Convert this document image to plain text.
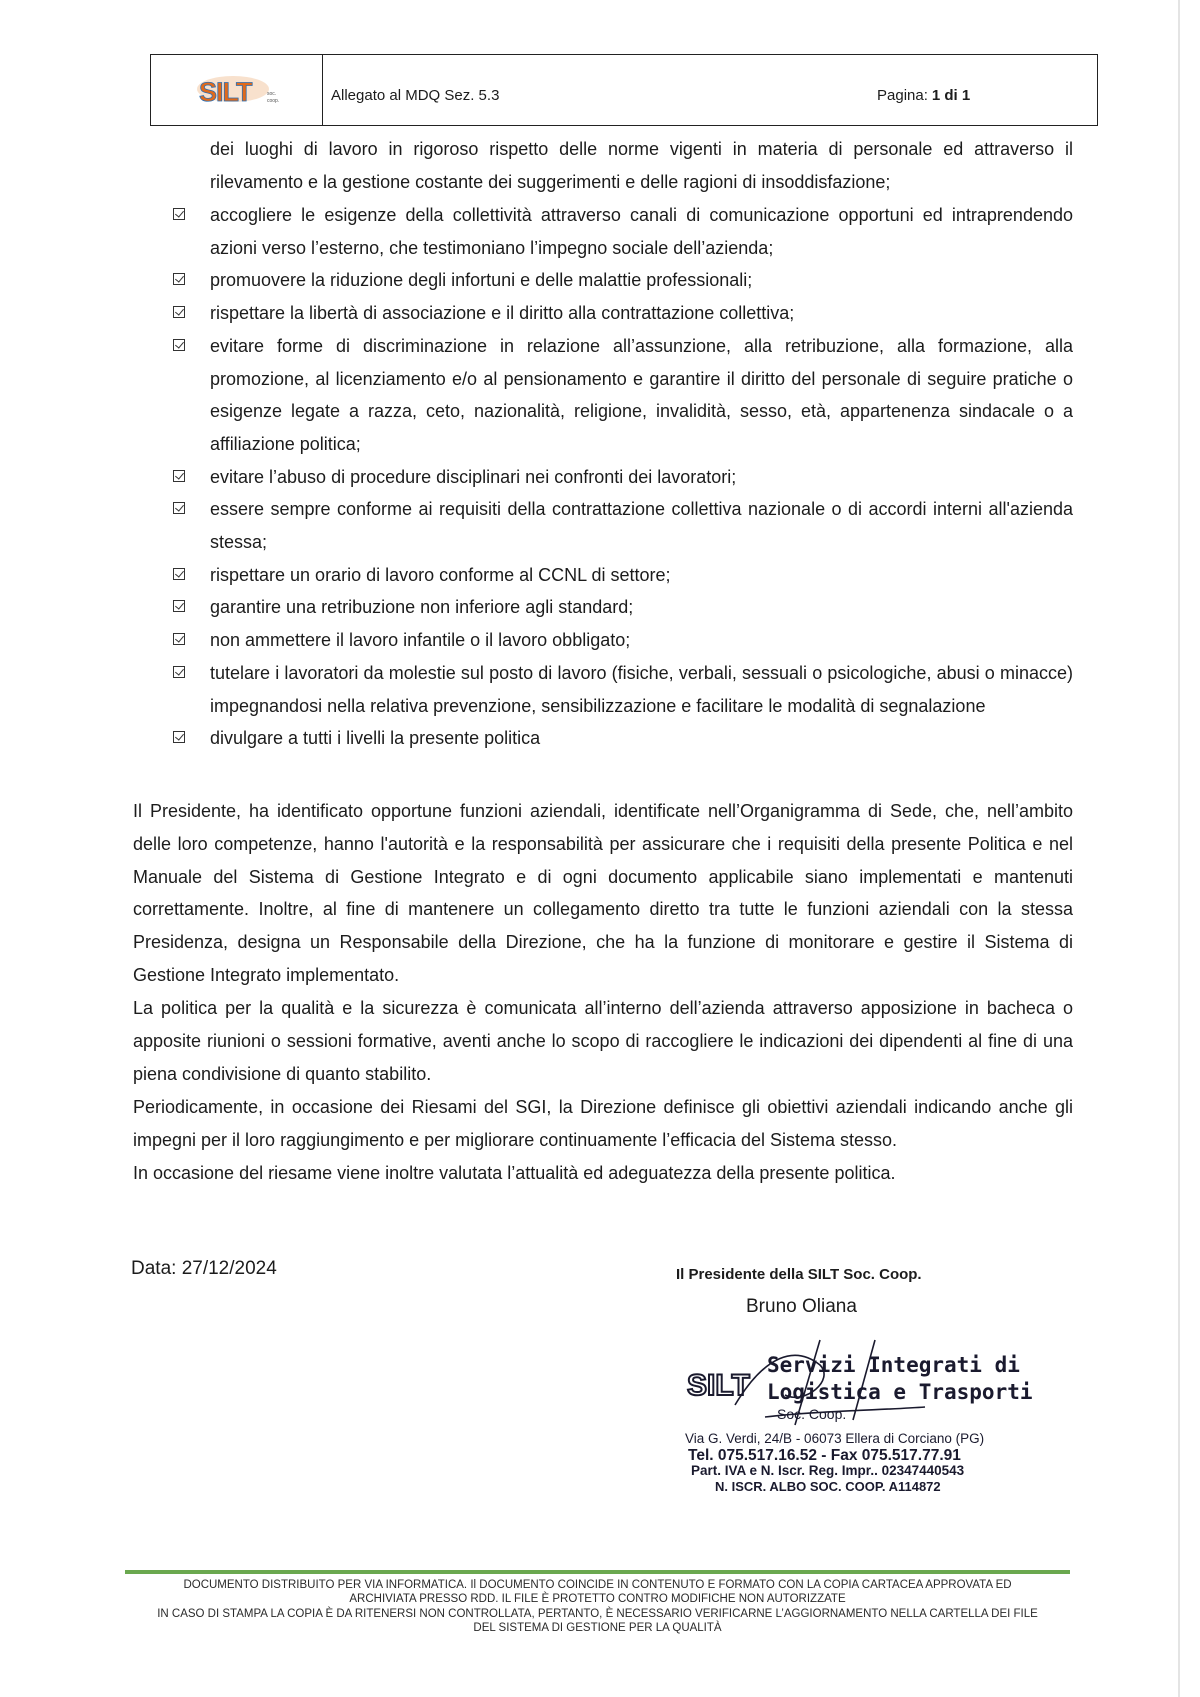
SILT	soc.
coop.	Allegato al MDQ Sez. 5.3	Pagina: 1 di 1
dei luoghi di lavoro in rigoroso rispetto delle norme vigenti in materia di personale ed attraverso il
rilevamento e la gestione costante dei suggerimenti e delle ragioni di insoddisfazione;
accogliere le esigenze della collettività attraverso canali di comunicazione opportuni ed intraprendendo azioni verso l’esterno, che testimoniano l’impegno sociale dell’azienda;
promuovere la riduzione degli infortuni e delle malattie professionali;
rispettare la libertà di associazione e il diritto alla contrattazione collettiva;
evitare forme di discriminazione in relazione all’assunzione, alla retribuzione, alla formazione, alla promozione, al licenziamento e/o al pensionamento e garantire il diritto del personale di seguire pratiche o esigenze legate a razza, ceto, nazionalità, religione, invalidità, sesso, età, appartenenza sindacale o a affiliazione politica;
evitare l’abuso di procedure disciplinari nei confronti dei lavoratori;
essere sempre conforme ai requisiti della contrattazione collettiva nazionale o di accordi interni all'azienda stessa;
rispettare un orario di lavoro conforme al CCNL di settore;
garantire una retribuzione non inferiore agli standard;
non ammettere il lavoro infantile o il lavoro obbligato;
tutelare i lavoratori da molestie sul posto di lavoro (fisiche, verbali, sessuali o psicologiche, abusi o minacce) impegnandosi nella relativa prevenzione, sensibilizzazione e facilitare le modalità di segnalazione
divulgare a tutti i livelli la presente politica

Il Presidente, ha identificato opportune funzioni aziendali, identificate nell’Organigramma di Sede, che, nell’ambito delle loro competenze, hanno l'autorità e la responsabilità per assicurare che i requisiti della presente Politica e nel Manuale del Sistema di Gestione Integrato e di ogni documento applicabile siano implementati e mantenuti correttamente. Inoltre, al fine di mantenere un collegamento diretto tra tutte le funzioni aziendali con la stessa Presidenza, designa un Responsabile della Direzione, che ha la funzione di monitorare e gestire il Sistema di Gestione Integrato implementato.

La politica per la qualità e la sicurezza è comunicata all’interno dell’azienda attraverso apposizione in bacheca o apposite riunioni o sessioni formative, aventi anche lo scopo di raccogliere le indicazioni dei dipendenti al fine di una piena condivisione di quanto stabilito.

Periodicamente, in occasione dei Riesami del SGI, la Direzione definisce gli obiettivi aziendali indicando anche gli impegni per il loro raggiungimento e per migliorare continuamente l’efficacia del Sistema stesso.

In occasione del riesame viene inoltre valutata l’attualità ed adeguatezza della presente politica.

Data: 27/12/2024	Il Presidente della SILT Soc. Coop.
Bruno Oliana
SILT
Servizi Integrati di
Logistica e Trasporti
Soc. Coop.
Via G. Verdi, 24/B - 06073 Ellera di Corciano (PG)
Tel. 075.517.16.52 - Fax 075.517.77.91
Part. IVA e N. Iscr. Reg. Impr.. 02347440543
N. ISCR. ALBO SOC. COOP. A114872
DOCUMENTO DISTRIBUITO PER VIA INFORMATICA. Il DOCUMENTO COINCIDE IN CONTENUTO E FORMATO CON LA COPIA CARTACEA APPROVATA ED
ARCHIVIATA PRESSO RDD. IL FILE È PROTETTO CONTRO MODIFICHE NON AUTORIZZATE
IN CASO DI STAMPA LA COPIA È DA RITENERSI NON CONTROLLATA, PERTANTO, È NECESSARIO VERIFICARNE L’AGGIORNAMENTO NELLA CARTELLA DEI FILE
DEL SISTEMA DI GESTIONE PER LA QUALITÀ
